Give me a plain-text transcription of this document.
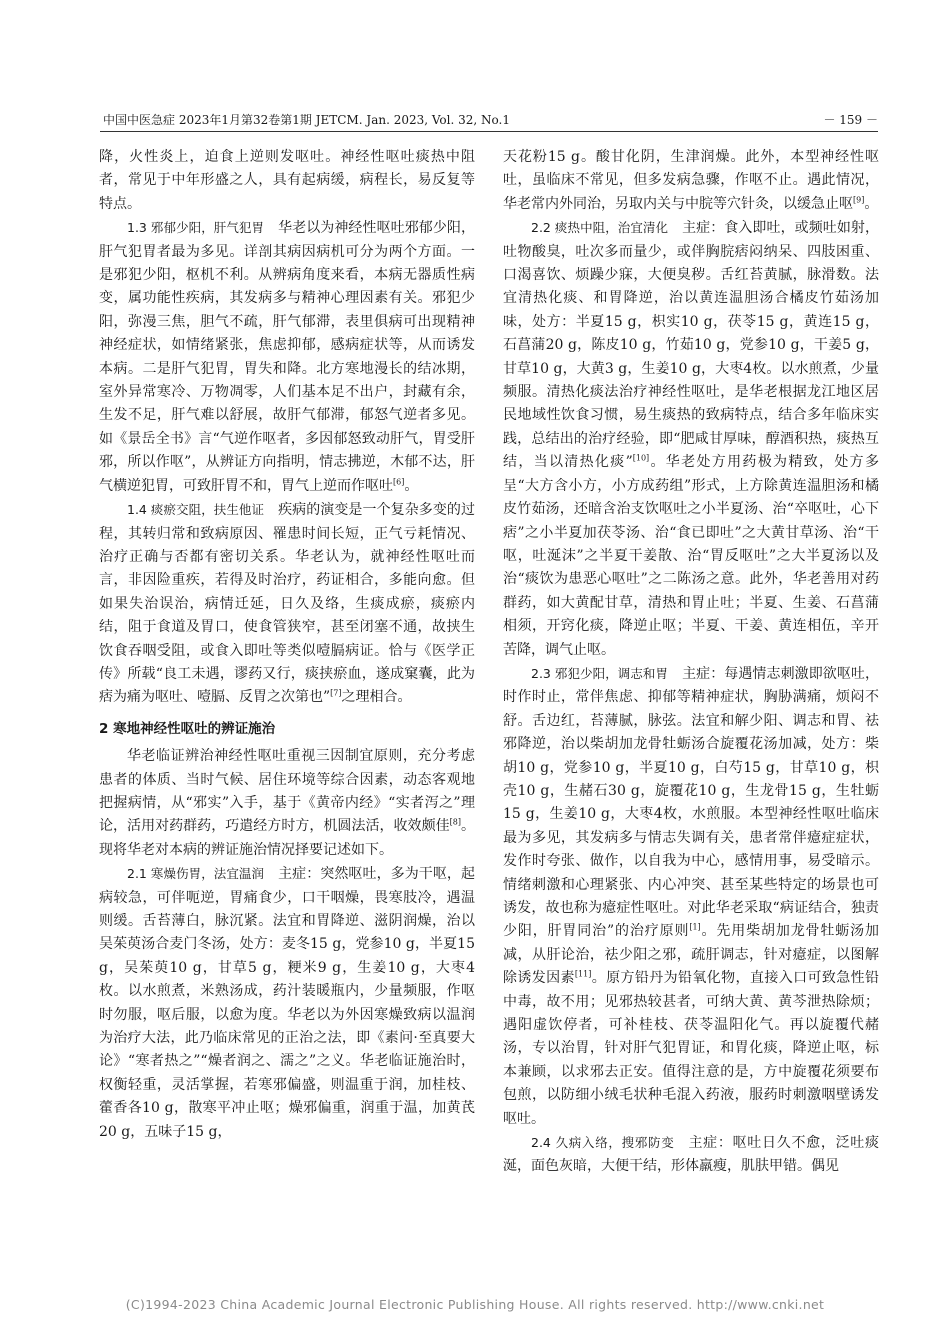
中国中医急症 2023年1月第32卷第1期 JETCM. Jan. 2023, Vol. 32, No.1	－ 159 －

降，火性炎上，迫食上逆则发呕吐。神经性呕吐痰热中阻者，常见于中年形盛之人，具有起病缓，病程长，易反复等特点。

1.3 邪郁少阳，肝气犯胃 华老以为神经性呕吐邪郁少阳，肝气犯胃者最为多见。详剖其病因病机可分为两个方面。一是邪犯少阳，枢机不利。从辨病角度来看，本病无器质性病变，属功能性疾病，其发病多与精神心理因素有关。邪犯少阳，弥漫三焦，胆气不疏，肝气郁滞，表里俱病可出现精神神经症状，如情绪紧张，焦虑抑郁，感病症状等，从而诱发本病。二是肝气犯胃，胃失和降。北方寒地漫长的结冰期，室外异常寒冷、万物凋零，人们基本足不出户，封藏有余，生发不足，肝气难以舒展，故肝气郁滞，郁怒气逆者多见。如《景岳全书》言“气逆作呕者，多因郁怒致动肝气，胃受肝邪，所以作呕”，从辨证方向指明，情志拂逆，木郁不达，肝气横逆犯胃，可致肝胃不和，胃气上逆而作呕吐[6]。

1.4 痰瘀交阻，扶生他证 疾病的演变是一个复杂多变的过程，其转归常和致病原因、罹患时间长短，正气亏耗情况、治疗正确与否都有密切关系。华老认为，就神经性呕吐而言，非因险重疾，若得及时治疗，药证相合，多能向愈。但如果失治误治，病情迁延，日久及络，生痰成瘀，痰瘀内结，阻于食道及胃口，使食管狭窄，甚至闭塞不通，故挟生饮食吞咽受阻，或食入即吐等类似噎膈病证。恰与《医学正传》所载“良工未遇，谬药又行，痰挟瘀血，遂成窠囊，此为痞为痛为呕吐、噎膈、反胃之次第也”[7]之理相合。

2 寒地神经性呕吐的辨证施治

华老临证辨治神经性呕吐重视三因制宜原则，充分考虑患者的体质、当时气候、居住环境等综合因素，动态客观地把握病情，从“邪实”入手，基于《黄帝内经》“实者泻之”理论，活用对药群药，巧遣经方时方，机圆法活，收效颇佳[8]。现将华老对本病的辨证施治情况择要记述如下。

2.1 寒燥伤胃，法宜温润 主症：突然呕吐，多为干呕，起病较急，可伴呃逆，胃痛食少，口干咽燥，畏寒肢冷，遇温则缓。舌苔薄白，脉沉紧。法宜和胃降逆、滋阴润燥，治以吴茱萸汤合麦门冬汤，处方：麦冬15 g，党参10 g，半夏15 g，吴茱萸10 g，甘草5 g，粳米9 g，生姜10 g，大枣4枚。以水煎煮，米熟汤成，药汁装暖瓶内，少量频服，作呕时勿服，呕后服，以愈为度。华老以为外因寒燥致病以温润为治疗大法，此乃临床常见的正治之法，即《素问·至真要大论》“寒者热之”“燥者润之、濡之”之义。华老临证施治时，权衡轻重，灵活掌握，若寒邪偏盛，则温重于润，加桂枝、藿香各10 g，散寒平冲止呕；燥邪偏重，润重于温，加黄芪20 g，五味子15 g，

天花粉15 g。酸甘化阴，生津润燥。此外，本型神经性呕吐，虽临床不常见，但多发病急骤，作呕不止。遇此情况，华老常内外同治，另取内关与中脘等穴针灸，以缓急止呕[9]。

2.2 痰热中阻，治宜清化 主症：食入即吐，或频吐如射，吐物酸臭，吐次多而量少，或伴胸脘痞闷纳呆、四肢困重、口渴喜饮、烦躁少寐，大便臭秽。舌红苔黄腻，脉滑数。法宜清热化痰、和胃降逆，治以黄连温胆汤合橘皮竹茹汤加味，处方：半夏15 g，枳实10 g，茯苓15 g，黄连15 g，石菖蒲20 g，陈皮10 g，竹茹10 g，党参10 g，干姜5 g，甘草10 g，大黄3 g，生姜10 g，大枣4枚。以水煎煮，少量频服。清热化痰法治疗神经性呕吐，是华老根据龙江地区居民地域性饮食习惯，易生痰热的致病特点，结合多年临床实践，总结出的治疗经验，即“肥咸甘厚味，醇酒积热，痰热互结，当以清热化痰”[10]。华老处方用药极为精致，处方多呈“大方含小方，小方成药组”形式，上方除黄连温胆汤和橘皮竹茹汤，还暗含治支饮呕吐之小半夏汤、治“卒呕吐，心下痞”之小半夏加茯苓汤、治“食已即吐”之大黄甘草汤、治“干呕，吐涎沫”之半夏干姜散、治“胃反呕吐”之大半夏汤以及治“痰饮为患恶心呕吐”之二陈汤之意。此外，华老善用对药群药，如大黄配甘草，清热和胃止吐；半夏、生姜、石菖蒲相须，开窍化痰，降逆止呕；半夏、干姜、黄连相伍，辛开苦降，调气止呕。

2.3 邪犯少阳，调志和胃 主症：每遇情志刺激即欲呕吐，时作时止，常伴焦虑、抑郁等精神症状，胸胁满痛，烦闷不舒。舌边红，苔薄腻，脉弦。法宜和解少阳、调志和胃、祛邪降逆，治以柴胡加龙骨牡蛎汤合旋覆花汤加减，处方：柴胡10 g，党参10 g，半夏10 g，白芍15 g，甘草10 g，枳壳10 g，生赭石30 g，旋覆花10 g，生龙骨15 g，生牡蛎15 g，生姜10 g，大枣4枚，水煎服。本型神经性呕吐临床最为多见，其发病多与情志失调有关，患者常伴癔症症状，发作时夸张、做作，以自我为中心，感情用事，易受暗示。情绪刺激和心理紧张、内心冲突、甚至某些特定的场景也可诱发，故也称为癔症性呕吐。对此华老采取“病证结合，独责少阳，肝胃同治”的治疗原则[1]。先用柴胡加龙骨牡蛎汤加减，从肝论治，祛少阳之邪，疏肝调志，针对癔症，以图解除诱发因素[11]。原方铅丹为铅氧化物，直接入口可致急性铅中毒，故不用；见邪热较甚者，可纳大黄、黄芩泄热除烦；遇阳虚饮停者，可补桂枝、茯苓温阳化气。再以旋覆代赭汤，专以治胃，针对肝气犯胃证，和胃化痰，降逆止呕，标本兼顾，以求邪去正安。值得注意的是，方中旋覆花须要布包煎，以防细小绒毛状种毛混入药液，服药时刺激咽壁诱发呕吐。

2.4 久病入络，搜邪防变 主症：呕吐日久不愈，泛吐痰涎，面色灰暗，大便干结，形体羸瘦，肌肤甲错。偶见

(C)1994-2023 China Academic Journal Electronic Publishing House. All rights reserved. http://www.cnki.net
